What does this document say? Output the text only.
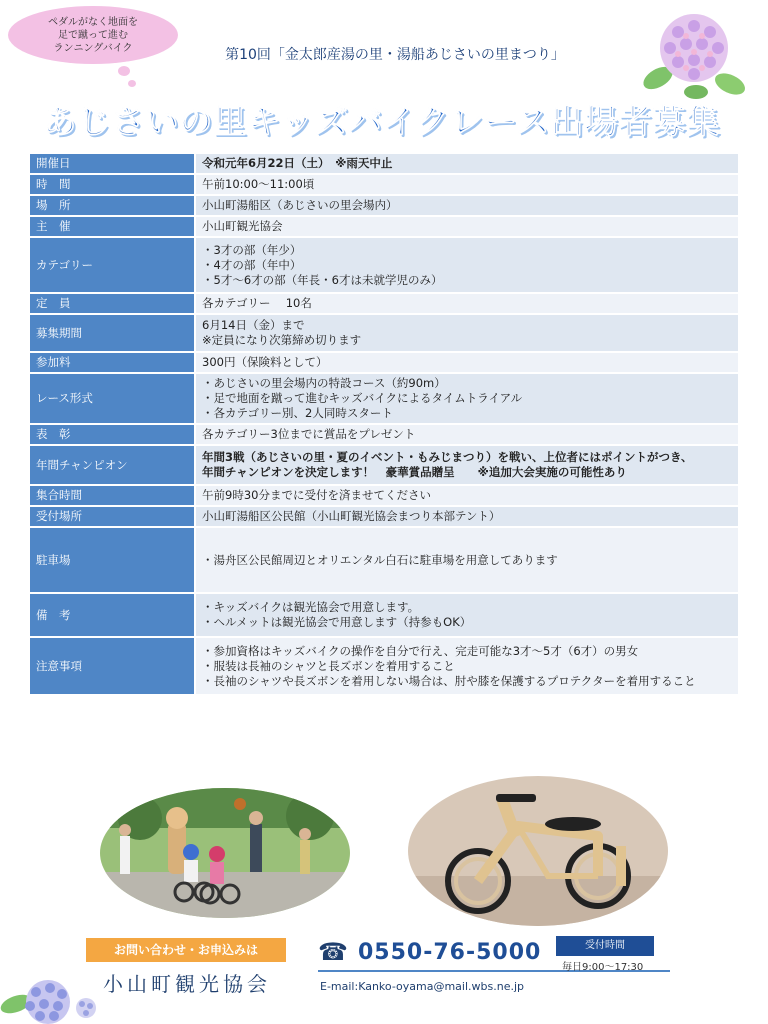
ペダルがなく地面を
足で蹴って進む
ランニングバイク	第10回「金太郎産湯の里・湯船あじさいの里まつり」
あじさいの里キッズバイクレース出場者募集
開催日	令和元年6月22日（土）　※雨天中止

時　間	午前10:00～11:00頃

場　所	小山町湯船区（あじさいの里会場内）

主　催	小山町観光協会

カテゴリー	・3才の部（年少）
・4才の部（年中）
・5才～6才の部（年長・6才は未就学児のみ）

定　員	各カテゴリー　 10名

募集期間	6月14日（金）まで
※定員になり次第締め切ります

参加料	300円（保険料として）

レース形式	・あじさいの里会場内の特設コース（約90m）
・足で地面を蹴って進むキッズバイクによるタイムトライアル
・各カテゴリー別、2人同時スタート

表　彰	各カテゴリー3位までに賞品をプレゼント

年間チャンピオン	年間3戦（あじさいの里・夏のイベント・もみじまつり）を戦い、上位者にはポイントがつき、
年間チャンピオンを決定します！　豪華賞品贈呈　　※追加大会実施の可能性あり

集合時間	午前9時30分までに受付を済ませてください

受付場所	小山町湯船区公民館（小山町観光協会まつり本部テント）

駐車場	・湯舟区公民館周辺とオリエンタル白石に駐車場を用意してあります

備　考	・キッズバイクは観光協会で用意します。
・ヘルメットは観光協会で用意します（持参もOK）

注意事項	・参加資格はキッズバイクの操作を自分で行え、完走可能な3才～5才（6才）の男女
・服装は長袖のシャツと長ズボンを着用すること
・長袖のシャツや長ズボンを着用しない場合は、肘や膝を保護するプロテクターを着用すること
お問い合わせ・お申込みは
小山町観光協会
☎ 0550-76-5000	受付時間
毎日9:00～17:30
E-mail:Kanko-oyama@mail.wbs.ne.jp
